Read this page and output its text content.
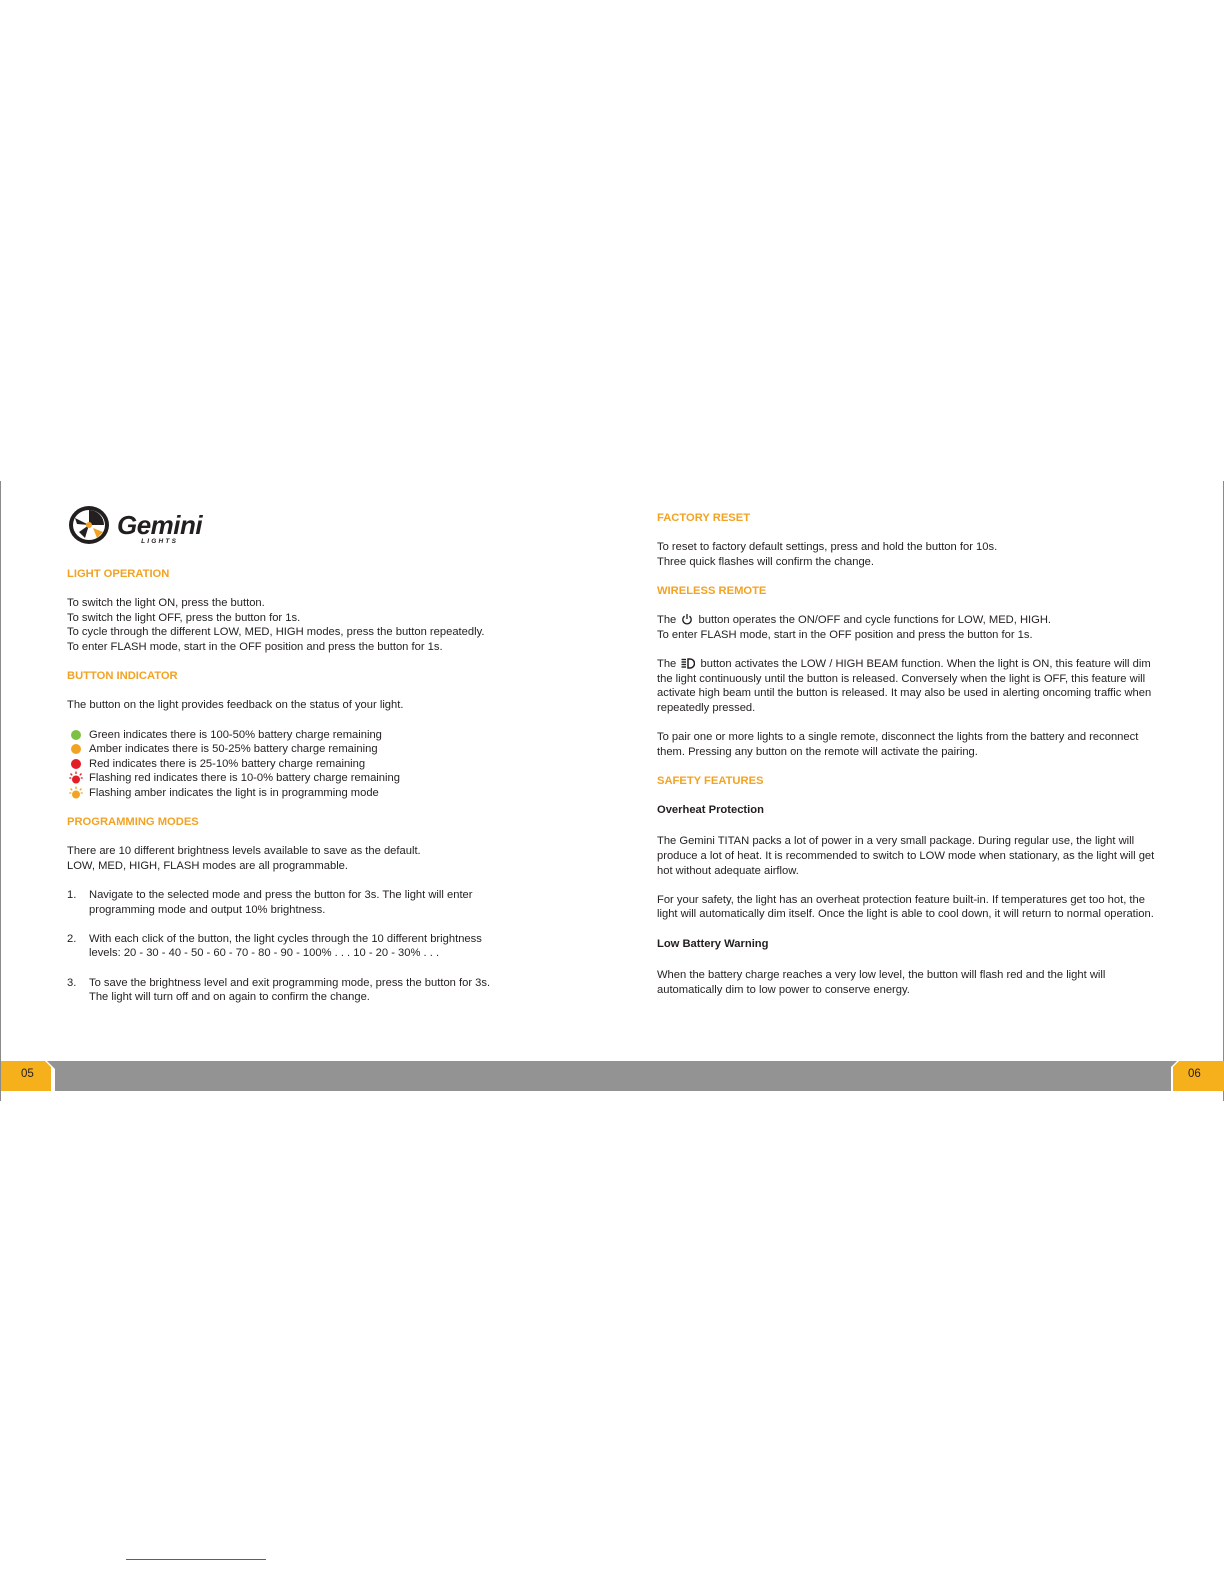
Gemini
LIGHTS
LIGHT OPERATION

To switch the light ON, press the button.
To switch the light OFF, press the button for 1s.
To cycle through the different LOW, MED, HIGH modes, press the button repeatedly.
To enter FLASH mode, start in the OFF position and press the button for 1s.

BUTTON INDICATOR

The button on the light provides feedback on the status of your light.

Green indicates there is 100-50% battery charge remaining
Amber indicates there is 50-25% battery charge remaining
Red indicates there is 25-10% battery charge remaining
Flashing red indicates there is 10-0% battery charge remaining
Flashing amber indicates the light is in programming mode
PROGRAMMING MODES

There are 10 different brightness levels available to save as the default.
LOW, MED, HIGH, FLASH modes are all programmable.

1. Navigate to the selected mode and press the button for 3s. The light will enter
programming mode and output 10% brightness.
2. With each click of the button, the light cycles through the 10 different brightness
levels: 20 - 30 - 40 - 50 - 60 - 70 - 80 - 90 - 100% . . . 10 - 20 - 30% . . .
3. To save the brightness level and exit programming mode, press the button for 3s.
The light will turn off and on again to confirm the change.
FACTORY RESET

To reset to factory default settings, press and hold the button for 10s.
Three quick flashes will confirm the change.

WIRELESS REMOTE

The button operates the ON/OFF and cycle functions for LOW, MED, HIGH.
To enter FLASH mode, start in the OFF position and press the button for 1s.

The button activates the LOW / HIGH BEAM function. When the light is ON, this feature will dim the light continuously until the button is released. Conversely when the light is OFF, this feature will activate high beam until the button is released. It may also be used in alerting oncoming traffic when repeatedly pressed.

To pair one or more lights to a single remote, disconnect the lights from the battery and reconnect them. Pressing any button on the remote will activate the pairing.

SAFETY FEATURES
Overheat Protection

The Gemini TITAN packs a lot of power in a very small package. During regular use, the light will produce a lot of heat. It is recommended to switch to LOW mode when stationary, as the light will get hot without adequate airflow.

For your safety, the light has an overheat protection feature built-in. If temperatures get too hot, the light will automatically dim itself. Once the light is able to cool down, it will return to normal operation.

Low Battery Warning

When the battery charge reaches a very low level, the button will flash red and the light will automatically dim to low power to conserve energy.

05	06
